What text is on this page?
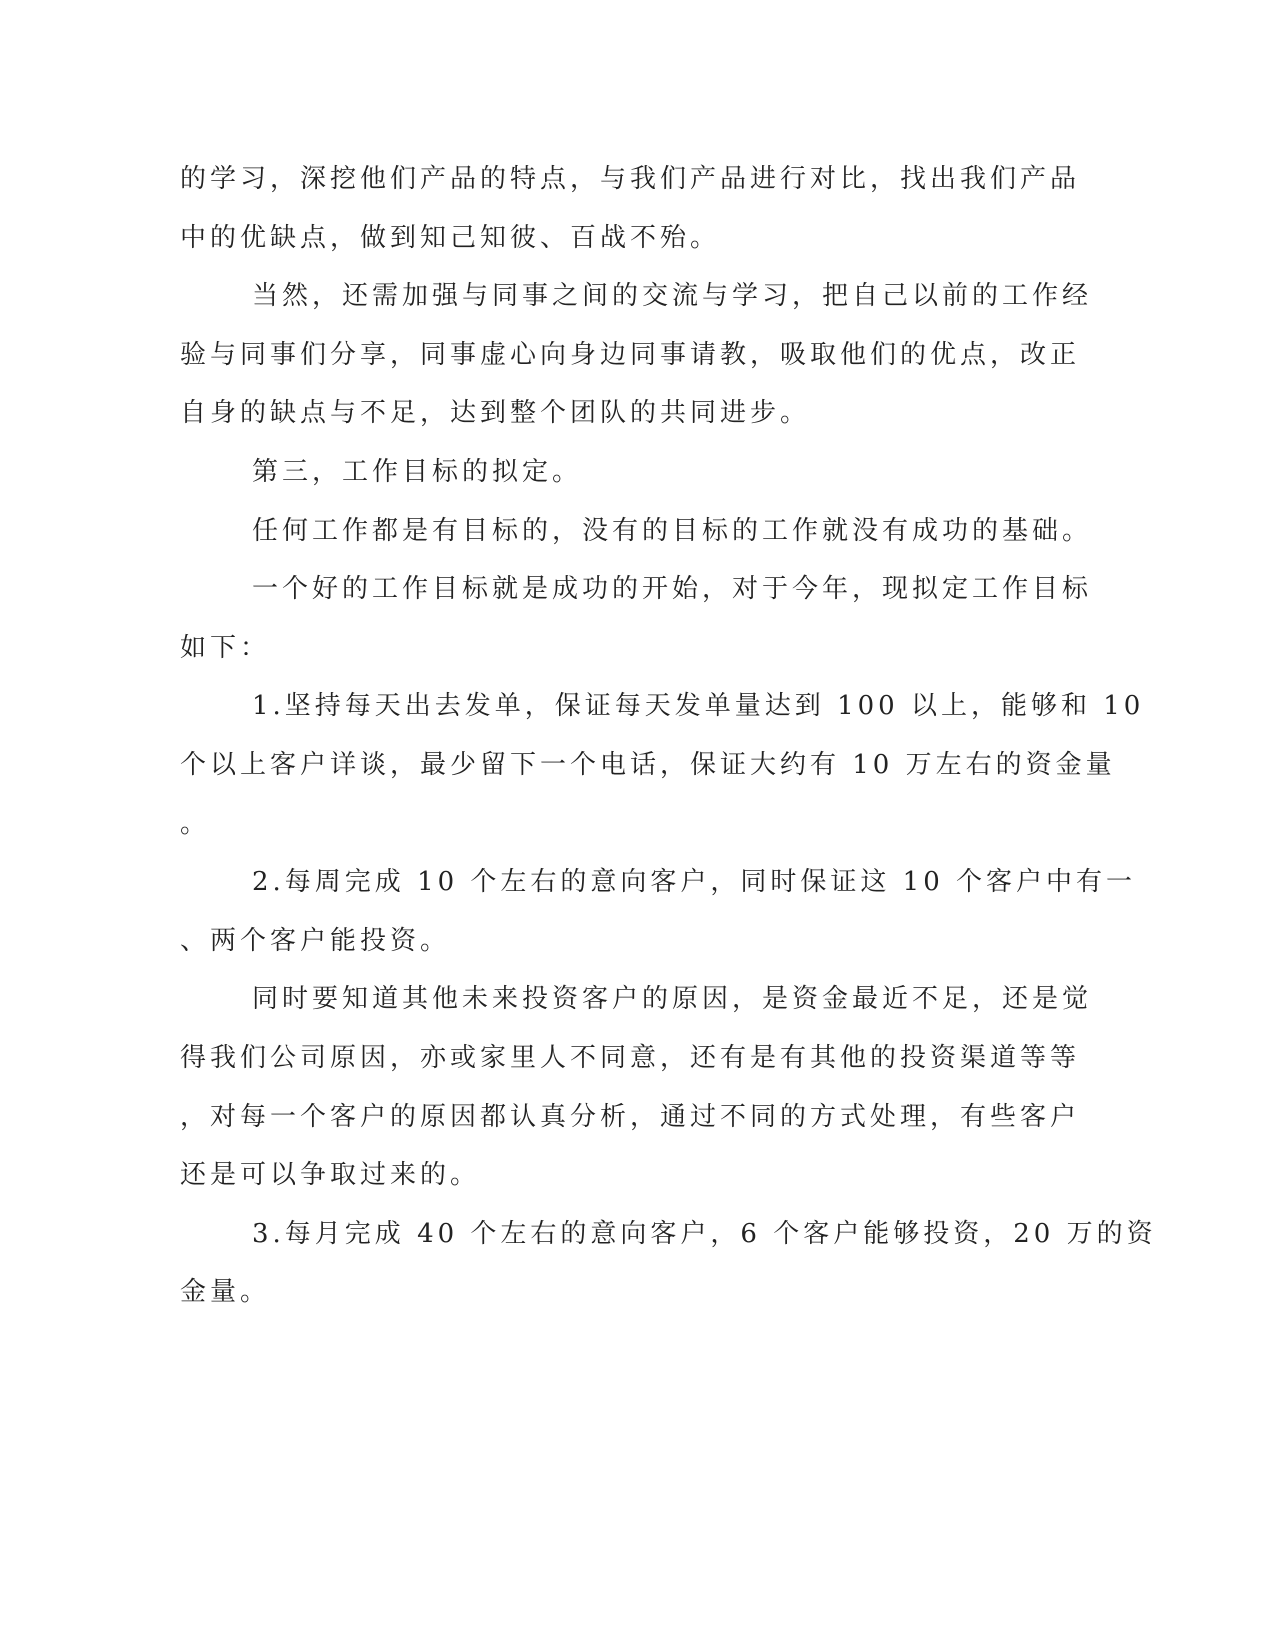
的学习，深挖他们产品的特点，与我们产品进行对比，找出我们产品
中的优缺点，做到知己知彼、百战不殆。
当然，还需加强与同事之间的交流与学习，把自己以前的工作经
验与同事们分享，同事虚心向身边同事请教，吸取他们的优点，改正
自身的缺点与不足，达到整个团队的共同进步。
第三，工作目标的拟定。
任何工作都是有目标的，没有的目标的工作就没有成功的基础。
一个好的工作目标就是成功的开始，对于今年，现拟定工作目标
如下：
1.坚持每天出去发单，保证每天发单量达到 100 以上，能够和 10
个以上客户详谈，最少留下一个电话，保证大约有 10 万左右的资金量
。
2.每周完成 10 个左右的意向客户，同时保证这 10 个客户中有一
、两个客户能投资。
同时要知道其他未来投资客户的原因，是资金最近不足，还是觉
得我们公司原因，亦或家里人不同意，还有是有其他的投资渠道等等
，对每一个客户的原因都认真分析，通过不同的方式处理，有些客户
还是可以争取过来的。
3.每月完成 40 个左右的意向客户，6 个客户能够投资，20 万的资
金量。
